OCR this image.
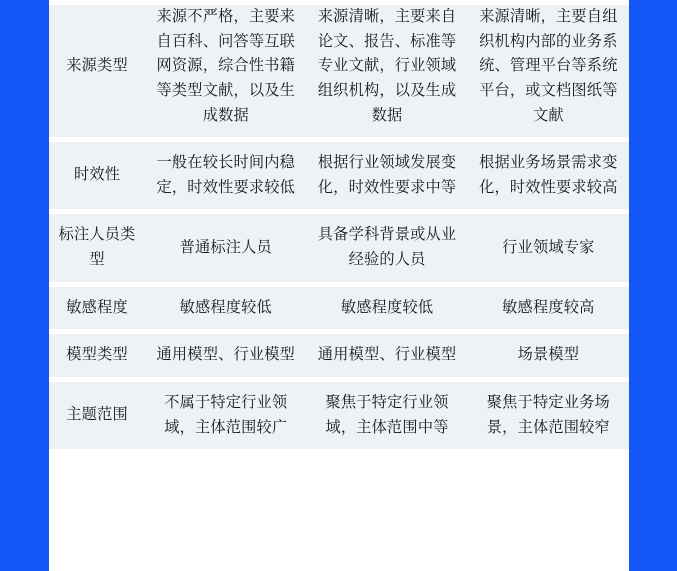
来源类型	来源不严格，主要来自百科、问答等互联网资源，综合性书籍等类型文献，以及生成数据	来源清晰，主要来自论文、报告、标准等专业文献，行业领域组织机构，以及生成数据	来源清晰，主要自组织机构内部的业务系统、管理平台等系统平台，或文档图纸等文献
时效性	一般在较长时间内稳定，时效性要求较低	根据行业领域发展变化，时效性要求中等	根据业务场景需求变化，时效性要求较高
标注人员类型	普通标注人员	具备学科背景或从业经验的人员	行业领域专家
敏感程度	敏感程度较低	敏感程度较低	敏感程度较高
模型类型	通用模型、行业模型	通用模型、行业模型	场景模型
主题范围	不属于特定行业领域，主体范围较广	聚焦于特定行业领域，主体范围中等	聚焦于特定业务场景，主体范围较窄
